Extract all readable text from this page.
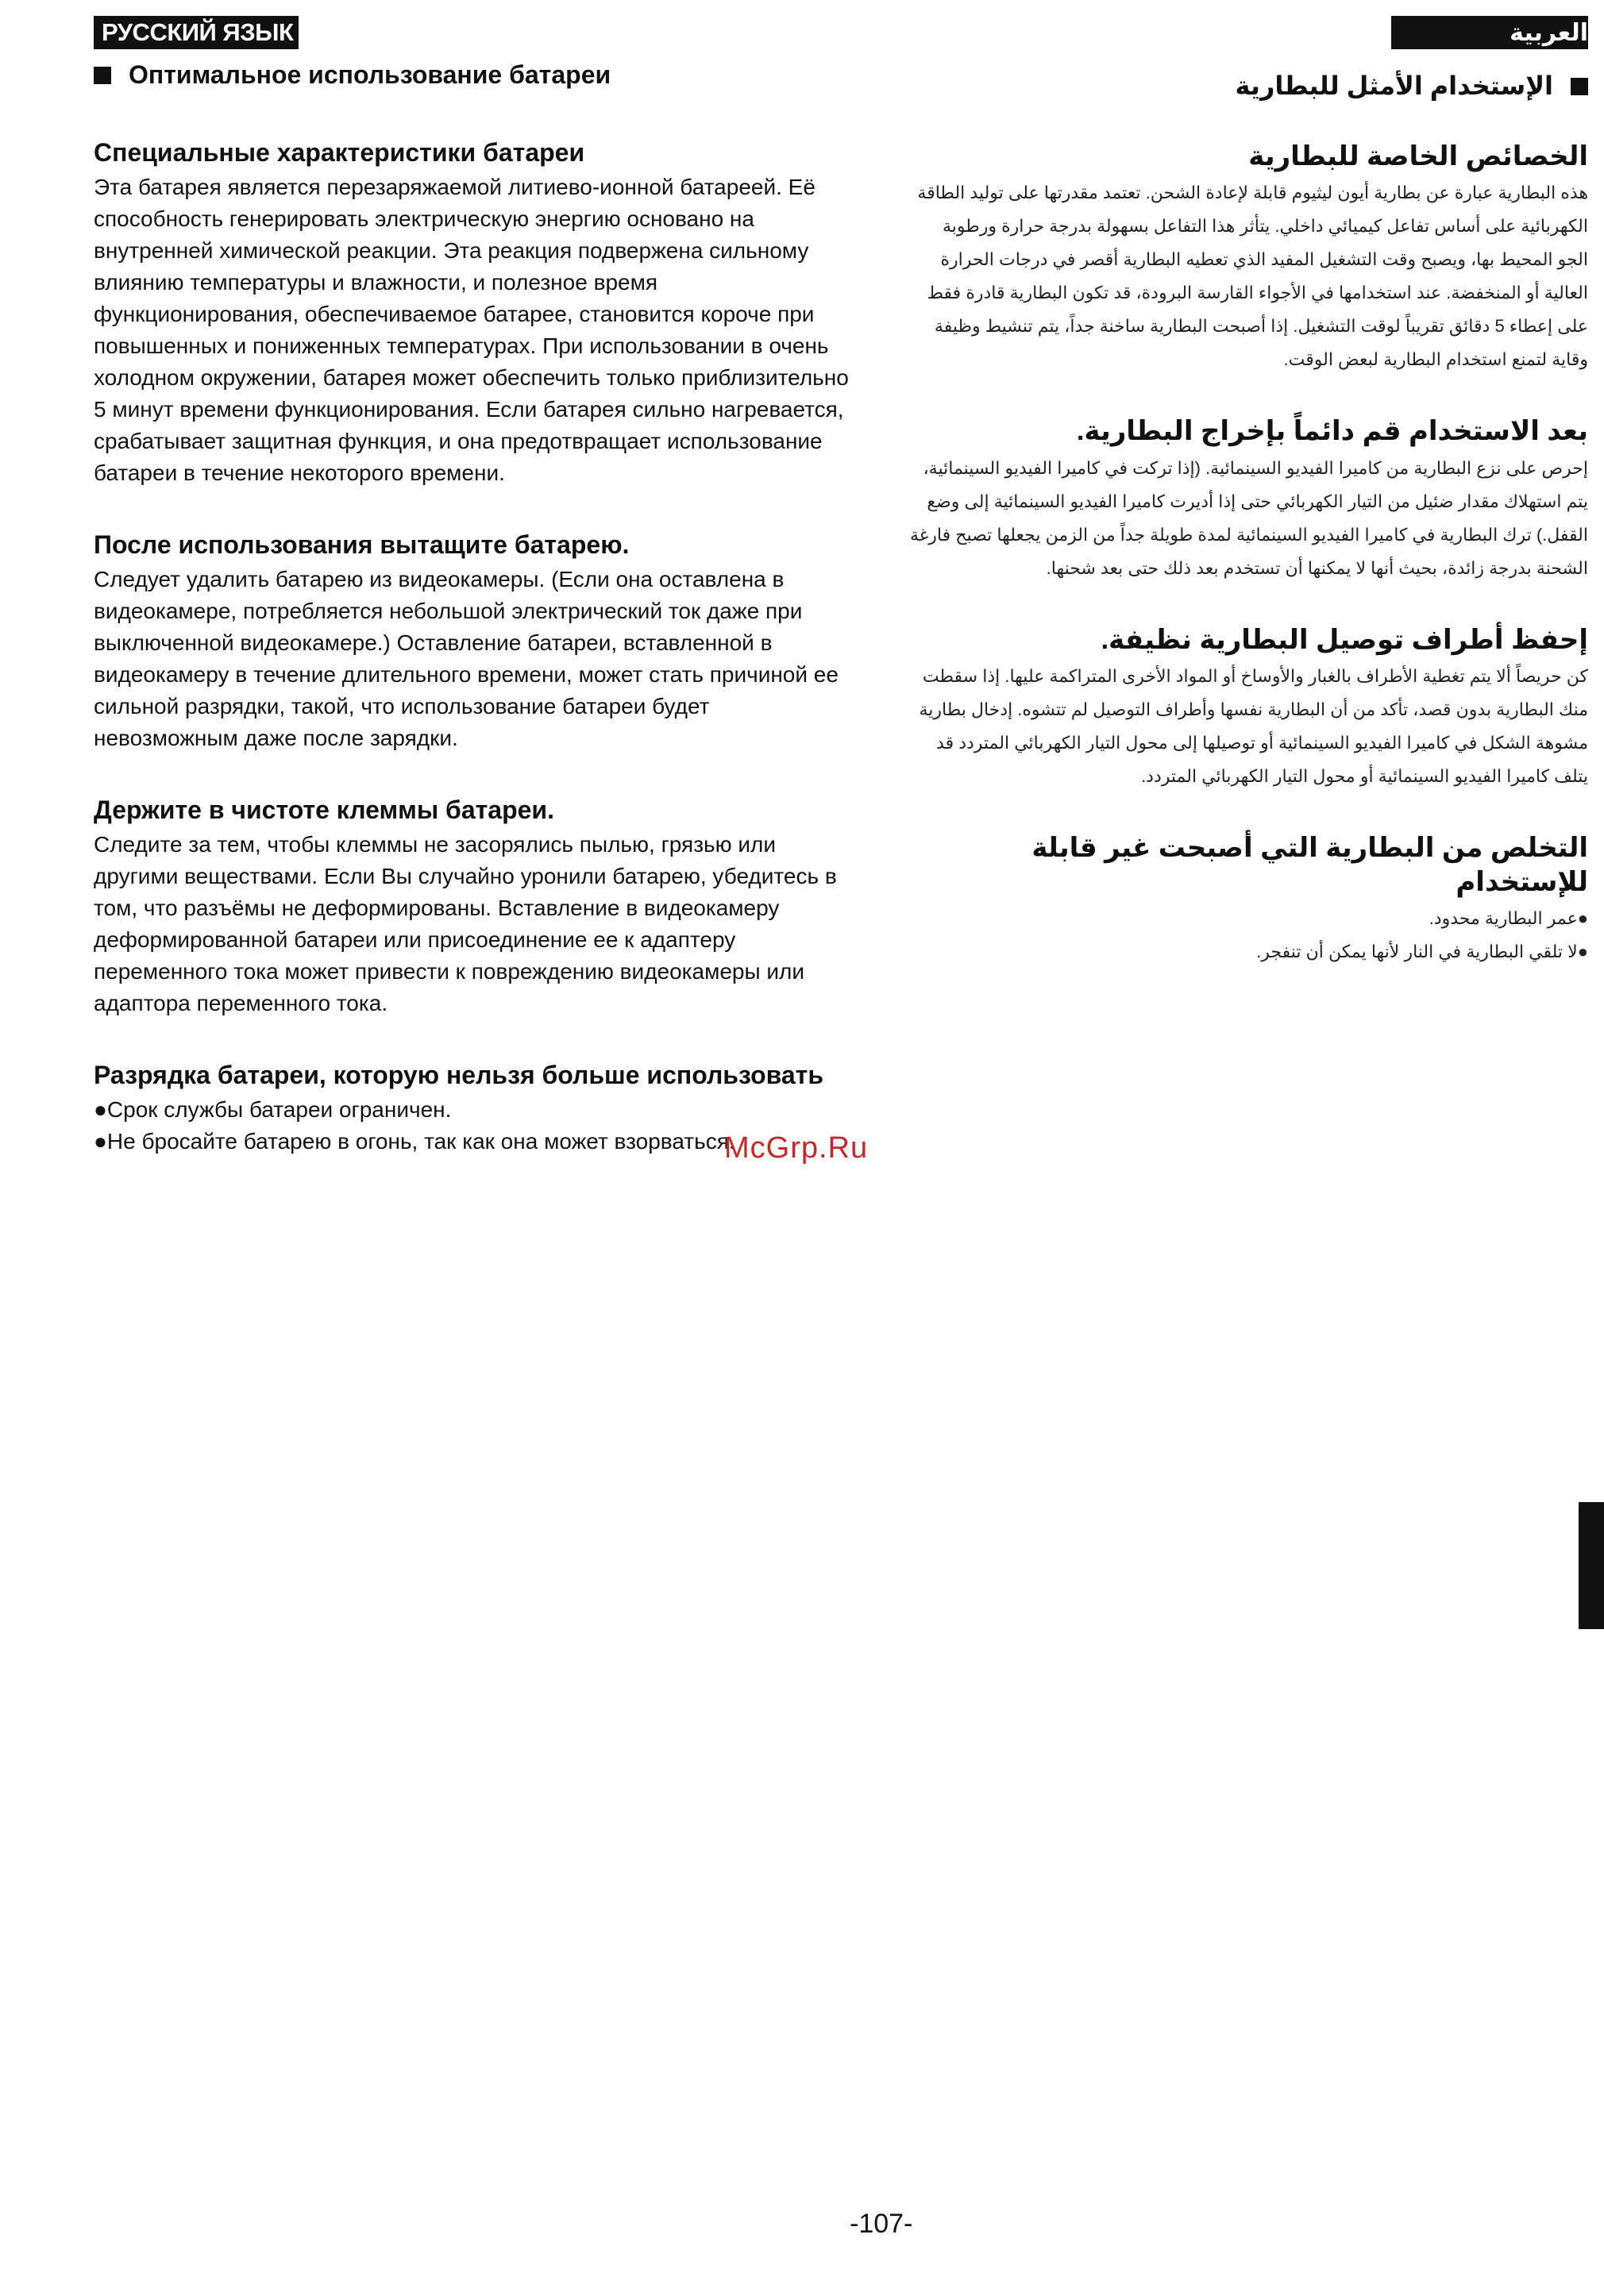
РУССКИЙ ЯЗЫК	العربية
Оптимальное использование батареи
Специальные характеристики батареи

Эта батарея является перезаряжаемой литиево-ионной батареей. Её способность генерировать электрическую энергию основано на внутренней химической реакции. Эта реакция подвержена сильному влиянию температуры и влажности, и полезное время функционирования, обеспечиваемое батарее, становится короче при повышенных и пониженных температурах. При использовании в очень холодном окружении, батарея может обеспечить только приблизительно 5 минут времени функционирования. Если батарея сильно нагревается, срабатывает защитная функция, и она предотвращает использование батареи в течение некоторого времени.

После использования вытащите батарею.

Следует удалить батарею из видеокамеры. (Если она оставлена в видеокамере, потребляется небольшой электрический ток даже при выключенной видеокамере.) Оставление батареи, вставленной в видеокамеру в течение длительного времени, может стать причиной ее сильной разрядки, такой, что использование батареи будет невозможным даже после зарядки.

Держите в чистоте клеммы батареи.

Следите за тем, чтобы клеммы не засорялись пылью, грязью или другими веществами. Если Вы случайно уронили батарею, убедитесь в том, что разъёмы не деформированы. Вставление в видеокамеру деформированной батареи или присоединение ее к адаптеру переменного тока может привести к повреждению видеокамеры или адаптора переменного тока.

Разрядка батареи, которую нельзя больше использовать

●Срок службы батареи ограничен.
●Не бросайте батарею в огонь, так как она может взорваться.

الإستخدام الأمثل للبطارية
الخصائص الخاصة للبطارية

هذه البطارية عبارة عن بطارية أيون ليثيوم قابلة لإعادة الشحن. تعتمد مقدرتها على توليد الطاقة الكهربائية على أساس تفاعل كيميائي داخلي. يتأثر هذا التفاعل بسهولة بدرجة حرارة ورطوبة الجو المحيط بها، ويصبح وقت التشغيل المفيد الذي تعطيه البطارية أقصر في درجات الحرارة العالية أو المنخفضة. عند استخدامها في الأجواء القارسة البرودة، قد تكون البطارية قادرة فقط على إعطاء 5 دقائق تقريباً لوقت التشغيل. إذا أصبحت البطارية ساخنة جداً، يتم تنشيط وظيفة وقاية لتمنع استخدام البطارية لبعض الوقت.

بعد الاستخدام قم دائماً بإخراج البطارية.

إحرص على نزع البطارية من كاميرا الفيديو السينمائية. (إذا تركت في كاميرا الفيديو السينمائية، يتم استهلاك مقدار ضئيل من التيار الكهربائي حتى إذا أديرت كاميرا الفيديو السينمائية إلى وضع القفل.) ترك البطارية في كاميرا الفيديو السينمائية لمدة طويلة جداً من الزمن يجعلها تصبح فارغة الشحنة بدرجة زائدة، بحيث أنها لا يمكنها أن تستخدم بعد ذلك حتى بعد شحنها.

إحفظ أطراف توصيل البطارية نظيفة.

كن حريصاً ألا يتم تغطية الأطراف بالغبار والأوساخ أو المواد الأخرى المتراكمة عليها. إذا سقطت منك البطارية بدون قصد، تأكد من أن البطارية نفسها وأطراف التوصيل لم تتشوه. إدخال بطارية مشوهة الشكل في كاميرا الفيديو السينمائية أو توصيلها إلى محول التيار الكهربائي المتردد قد يتلف كاميرا الفيديو السينمائية أو محول التيار الكهربائي المتردد.

التخلص من البطارية التي أصبحت غير قابلة للإستخدام

●عمر البطارية محدود.
●لا تلقي البطارية في النار لأنها يمكن أن تنفجر.

McGrp.Ru
-107-
